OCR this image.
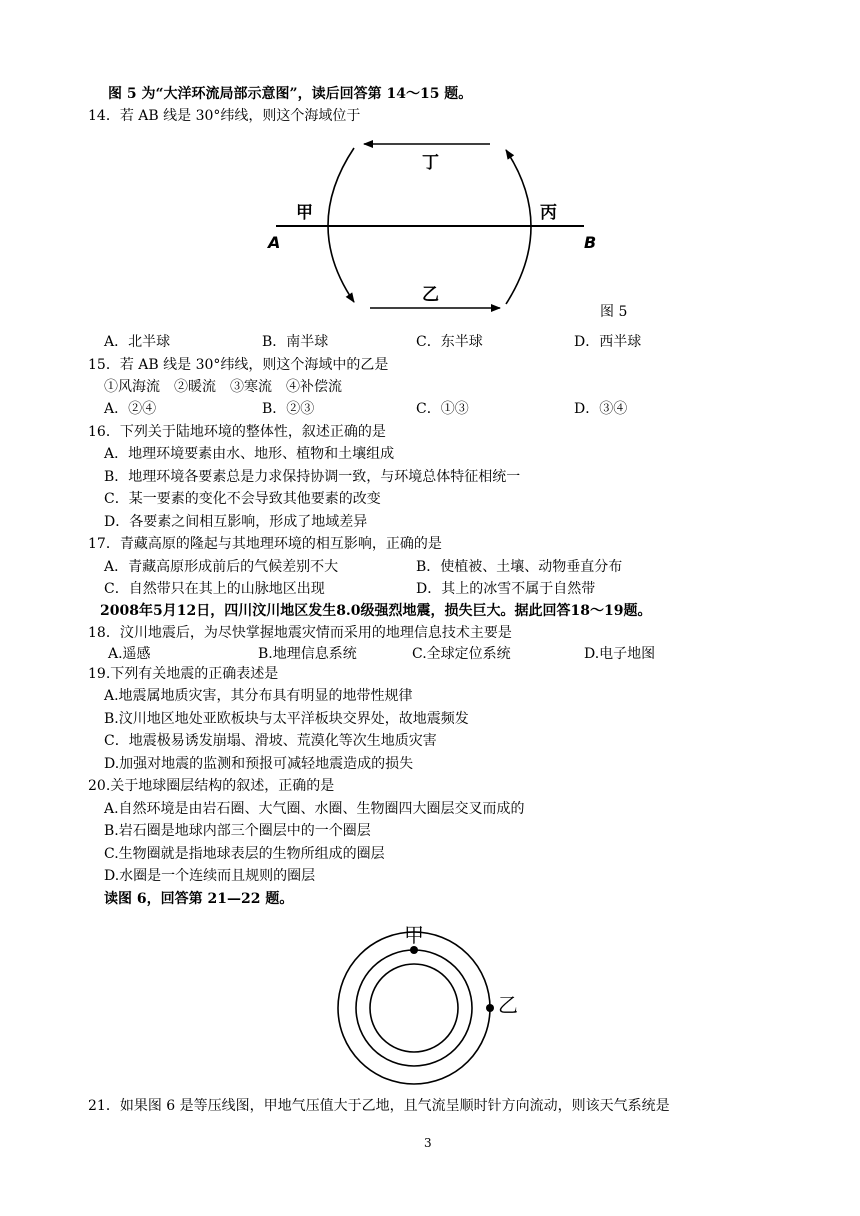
图 5 为“大洋环流局部示意图”，读后回答第 14～15 题。
14．若 AB 线是 30°纬线，则这个海域位于
丁
乙
甲	丙
A	B
图 5
A．北半球	B．南半球	C．东半球	D．西半球
15．若 AB 线是 30°纬线，则这个海域中的乙是
①风海流　②暖流　③寒流　④补偿流
A．②④	B．②③	C．①③	D．③④
16．下列关于陆地环境的整体性，叙述正确的是
A．地理环境要素由水、地形、植物和土壤组成
B．地理环境各要素总是力求保持协调一致，与环境总体特征相统一
C．某一要素的变化不会导致其他要素的改变
D．各要素之间相互影响，形成了地域差异
17．青藏高原的隆起与其地理环境的相互影响，正确的是
A．青藏高原形成前后的气候差别不大	B．使植被、土壤、动物垂直分布
C．自然带只在其上的山脉地区出现	D．其上的冰雪不属于自然带
2008年5月12日，四川汶川地区发生8.0级强烈地震，损失巨大。据此回答18～19题。
18．汶川地震后，为尽快掌握地震灾情而采用的地理信息技术主要是
A.遥感	B.地理信息系统	C.全球定位系统	D.电子地图
19.下列有关地震的正确表述是
A.地震属地质灾害，其分布具有明显的地带性规律
B.汶川地区地处亚欧板块与太平洋板块交界处，故地震频发
C．地震极易诱发崩塌、滑坡、荒漠化等次生地质灾害
D.加强对地震的监测和预报可减轻地震造成的损失
20.关于地球圈层结构的叙述，正确的是
A.自然环境是由岩石圈、大气圈、水圈、生物圈四大圈层交叉而成的
B.岩石圈是地球内部三个圈层中的一个圈层
C.生物圈就是指地球表层的生物所组成的圈层
D.水圈是一个连续而且规则的圈层
读图 6，回答第 21—22 题。
甲
乙
21．如果图 6 是等压线图，甲地气压值大于乙地，且气流呈顺时针方向流动，则该天气系统是
3
